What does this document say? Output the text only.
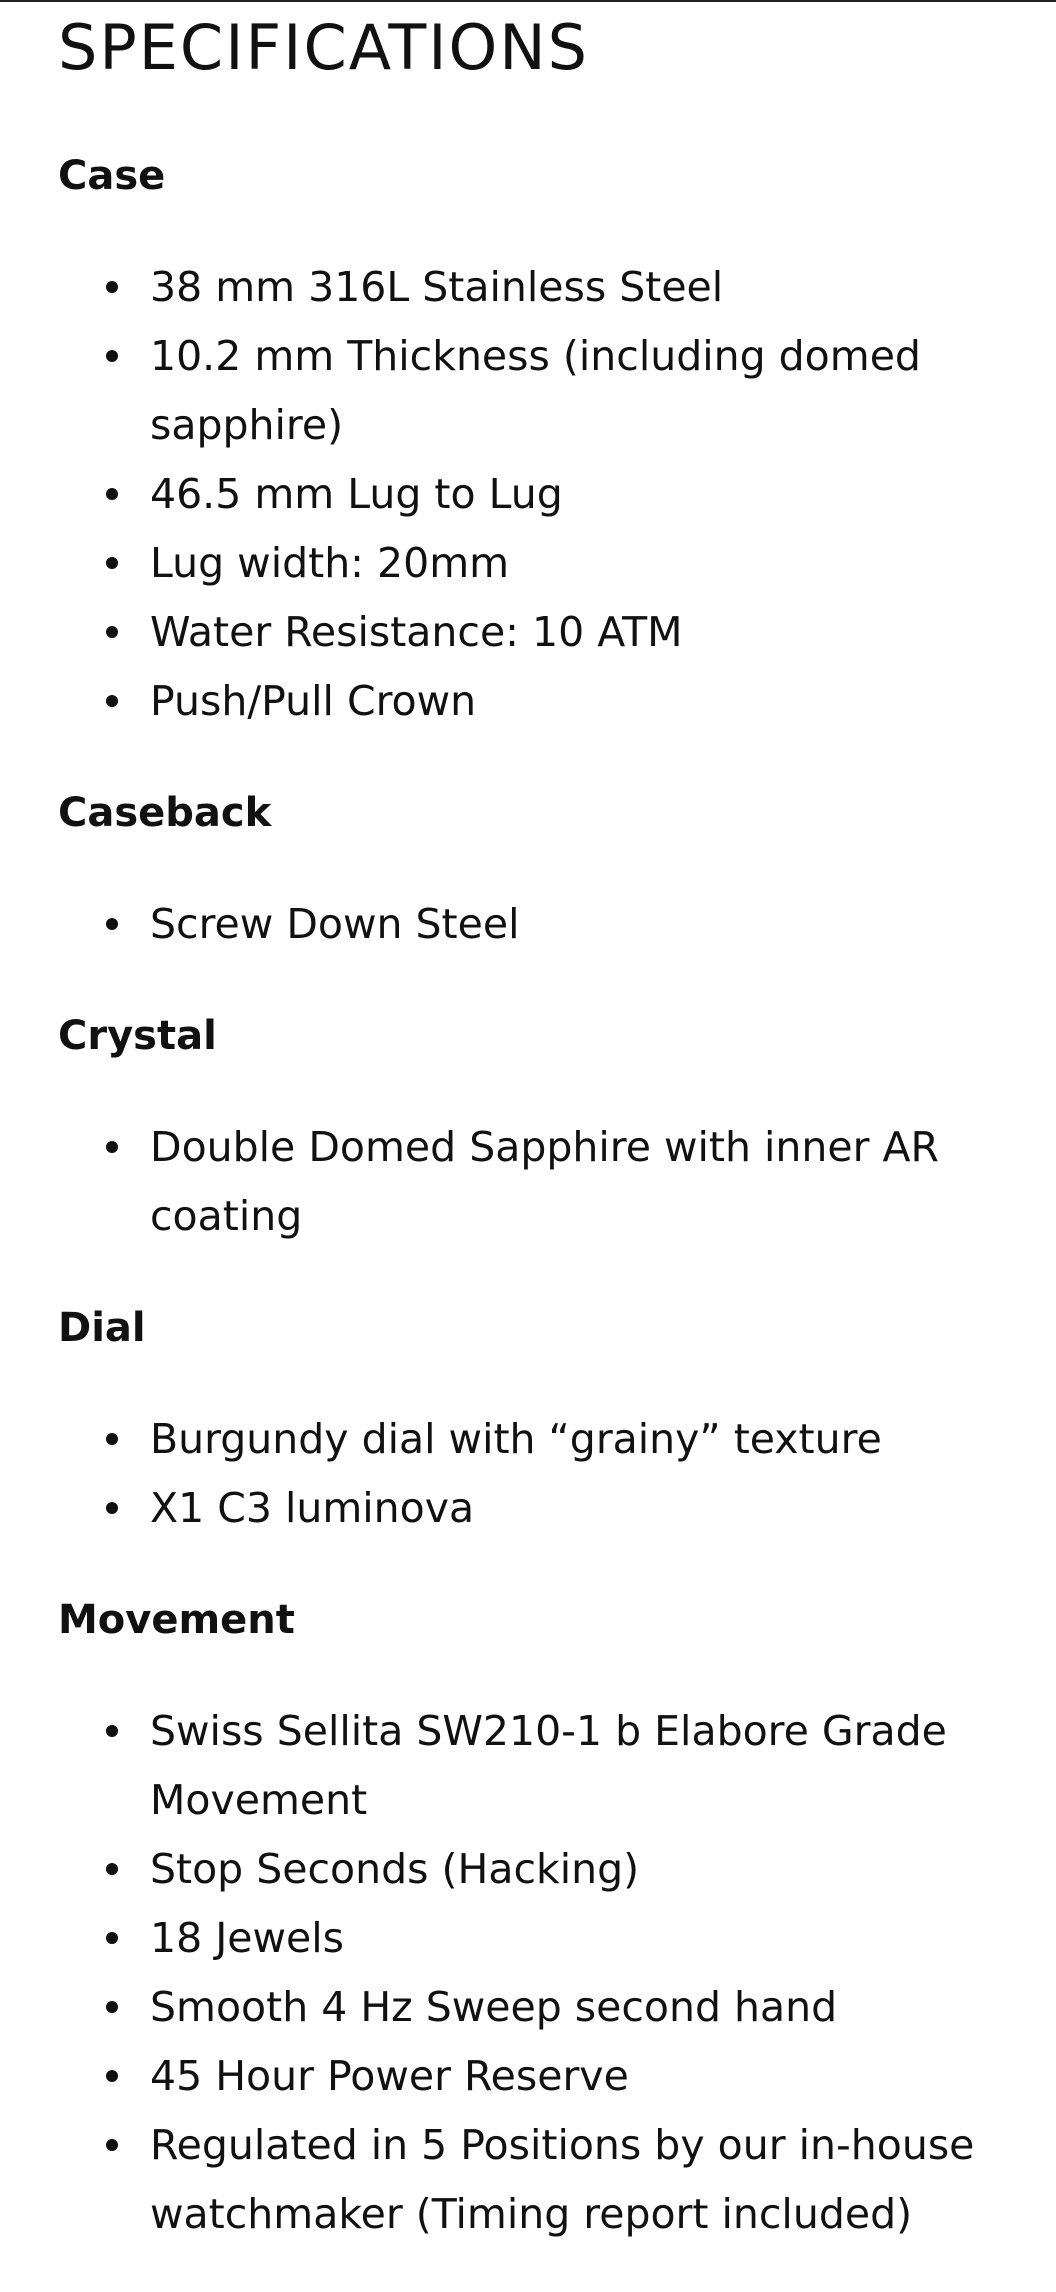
SPECIFICATIONS
Case
38 mm 316L Stainless Steel
10.2 mm Thickness (including domed sapphire)
46.5 mm Lug to Lug
Lug width: 20mm
Water Resistance: 10 ATM
Push/Pull Crown
Caseback
Screw Down Steel
Crystal
Double Domed Sapphire with inner AR coating
Dial
Burgundy dial with “grainy” texture
X1 C3 luminova
Movement
Swiss Sellita SW210-1 b Elabore Grade Movement
Stop Seconds (Hacking)
18 Jewels
Smooth 4 Hz Sweep second hand
45 Hour Power Reserve
Regulated in 5 Positions by our in-house watchmaker (Timing report included)
